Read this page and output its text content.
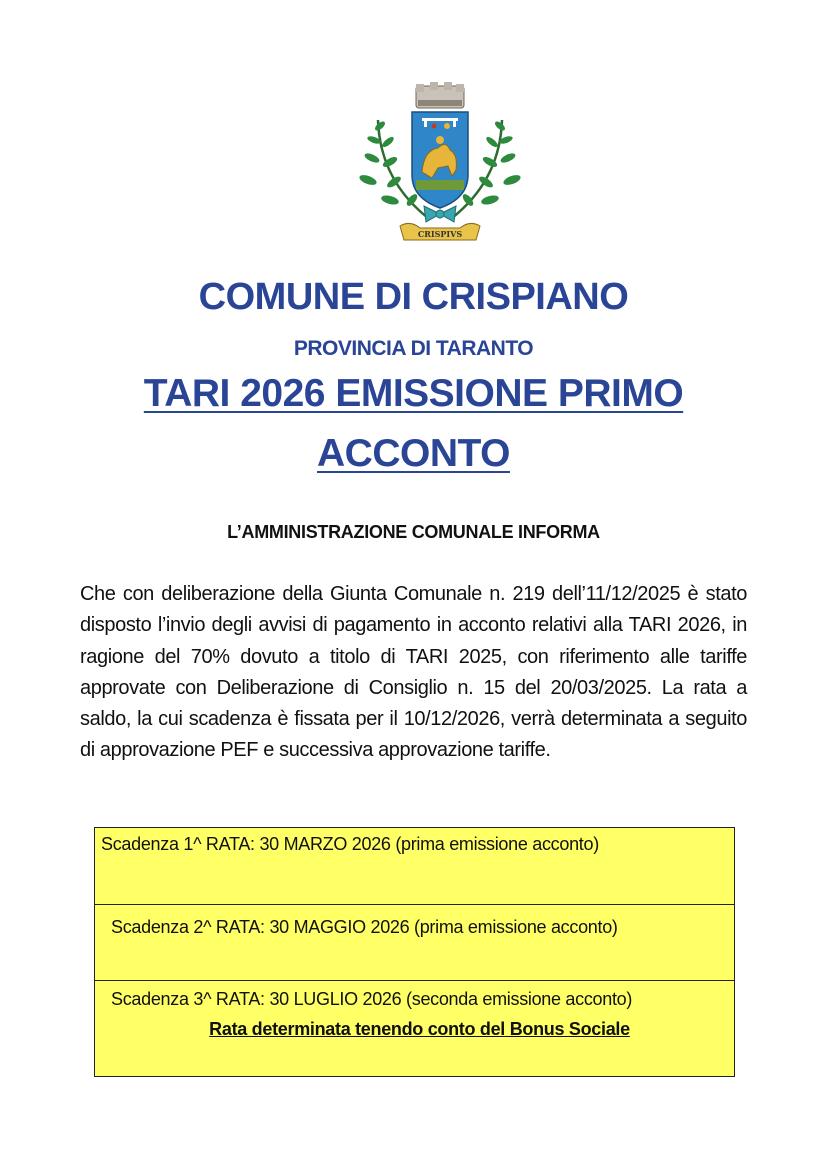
CRISPIVS
COMUNE DI CRISPIANO
PROVINCIA DI TARANTO
TARI 2026 EMISSIONE PRIMO
ACCONTO
L’AMMINISTRAZIONE COMUNALE INFORMA
Che con deliberazione della Giunta Comunale n. 219 dell’11/12/2025 è stato disposto l’invio degli avvisi di pagamento in acconto relativi alla TARI 2026, in ragione del 70% dovuto a titolo di TARI 2025, con riferimento alle tariffe approvate con Deliberazione di Consiglio n. 15 del 20/03/2025. La rata a saldo, la cui scadenza è fissata per il 10/12/2026, verrà determinata a seguito di approvazione PEF e successiva approvazione tariffe.
Scadenza 1^ RATA: 30 MARZO 2026 (prima emissione acconto)
Scadenza 2^ RATA: 30 MAGGIO 2026 (prima emissione acconto)
Scadenza 3^ RATA: 30 LUGLIO 2026 (seconda emissione acconto)
Rata determinata tenendo conto del Bonus Sociale
